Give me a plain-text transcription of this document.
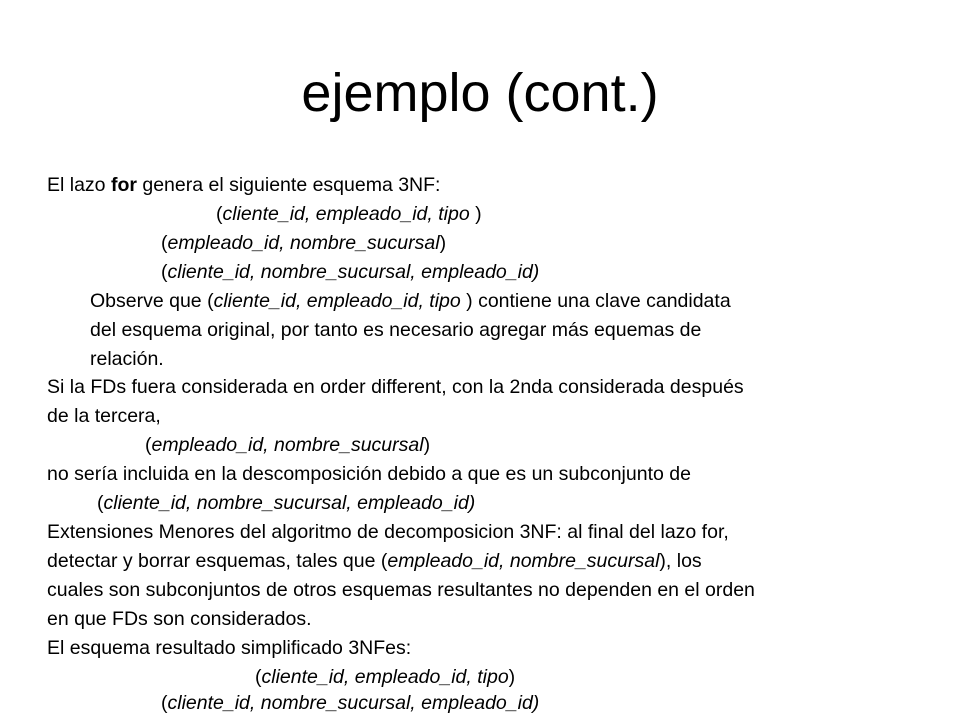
ejemplo (cont.)
El lazo for genera el siguiente esquema 3NF:
(cliente_id, empleado_id, tipo )
(empleado_id, nombre_sucursal)
(cliente_id, nombre_sucursal, empleado_id)
Observe que (cliente_id, empleado_id, tipo ) contiene una clave candidata
del esquema original, por tanto es necesario agregar más equemas de
relación.
Si la FDs fuera considerada en order different, con la 2nda considerada después
de la tercera,
(empleado_id, nombre_sucursal)
no sería incluida en la descomposición debido a que es un subconjunto de
(cliente_id, nombre_sucursal, empleado_id)
Extensiones Menores del algoritmo de decomposicion 3NF: al final del lazo for,
detectar y borrar esquemas, tales que (empleado_id, nombre_sucursal), los
cuales son subconjuntos de otros esquemas resultantes no dependen en el orden
en que FDs son considerados.
El esquema resultado simplificado 3NFes:
(cliente_id, empleado_id, tipo)
(cliente_id, nombre_sucursal, empleado_id)
